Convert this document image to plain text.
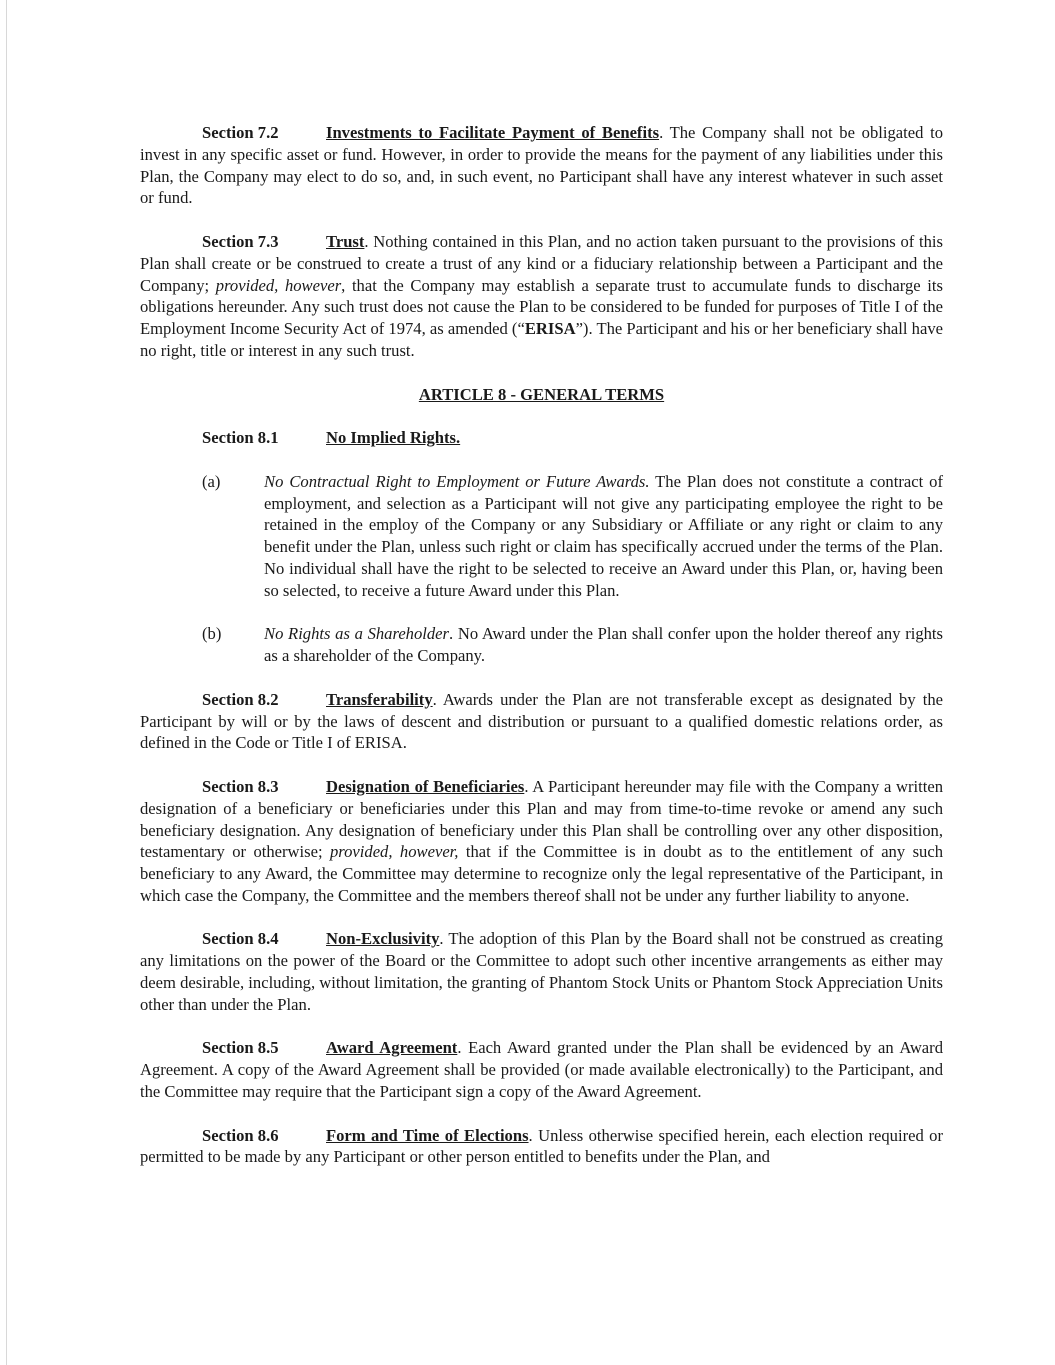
Section 7.2	Investments to Facilitate Payment of Benefits. The Company shall not be obligated to invest in any specific asset or fund. However, in order to provide the means for the payment of any liabilities under this Plan, the Company may elect to do so, and, in such event, no Participant shall have any interest whatever in such asset or fund.

Section 7.3	Trust. Nothing contained in this Plan, and no action taken pursuant to the provisions of this Plan shall create or be construed to create a trust of any kind or a fiduciary relationship between a Participant and the Company; provided, however, that the Company may establish a separate trust to accumulate funds to discharge its obligations hereunder. Any such trust does not cause the Plan to be considered to be funded for purposes of Title I of the Employment Income Security Act of 1974, as amended (“ERISA”). The Participant and his or her beneficiary shall have no right, title or interest in any such trust.

ARTICLE 8 - GENERAL TERMS

Section 8.1	No Implied Rights.

(a)	No Contractual Right to Employment or Future Awards. The Plan does not constitute a contract of employment, and selection as a Participant will not give any participating employee the right to be retained in the employ of the Company or any Subsidiary or Affiliate or any right or claim to any benefit under the Plan, unless such right or claim has specifically accrued under the terms of the Plan. No individual shall have the right to be selected to receive an Award under this Plan, or, having been so selected, to receive a future Award under this Plan.
(b)	No Rights as a Shareholder. No Award under the Plan shall confer upon the holder thereof any rights as a shareholder of the Company.

Section 8.2	Transferability. Awards under the Plan are not transferable except as designated by the Participant by will or by the laws of descent and distribution or pursuant to a qualified domestic relations order, as defined in the Code or Title I of ERISA.

Section 8.3	Designation of Beneficiaries. A Participant hereunder may file with the Company a written designation of a beneficiary or beneficiaries under this Plan and may from time-to-time revoke or amend any such beneficiary designation. Any designation of beneficiary under this Plan shall be controlling over any other disposition, testamentary or otherwise; provided, however, that if the Committee is in doubt as to the entitlement of any such beneficiary to any Award, the Committee may determine to recognize only the legal representative of the Participant, in which case the Company, the Committee and the members thereof shall not be under any further liability to anyone.

Section 8.4	Non-Exclusivity. The adoption of this Plan by the Board shall not be construed as creating any limitations on the power of the Board or the Committee to adopt such other incentive arrangements as either may deem desirable, including, without limitation, the granting of Phantom Stock Units or Phantom Stock Appreciation Units other than under the Plan.

Section 8.5	Award Agreement. Each Award granted under the Plan shall be evidenced by an Award Agreement. A copy of the Award Agreement shall be provided (or made available electronically) to the Participant, and the Committee may require that the Participant sign a copy of the Award Agreement.

Section 8.6	Form and Time of Elections. Unless otherwise specified herein, each election required or permitted to be made by any Participant or other person entitled to benefits under the Plan, and
